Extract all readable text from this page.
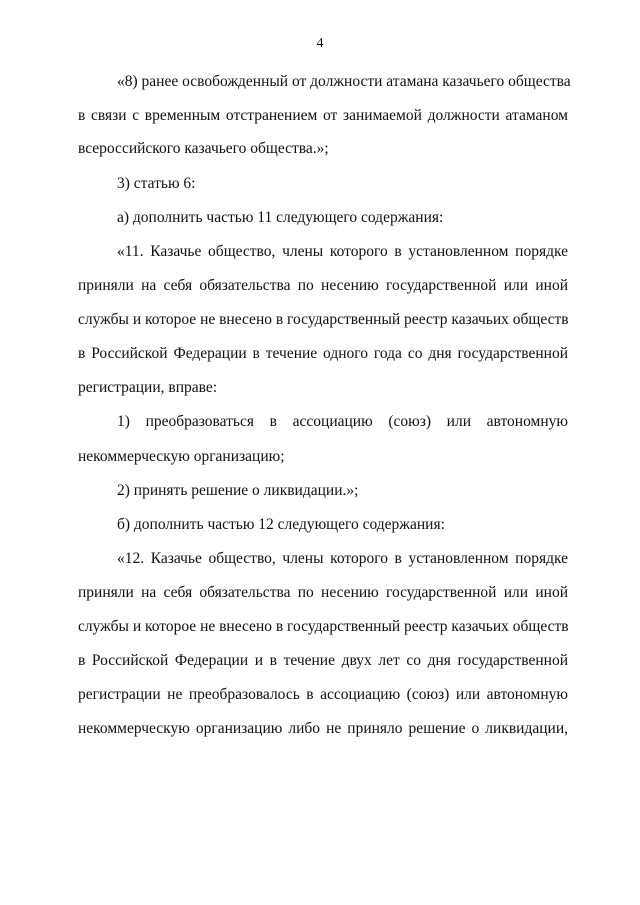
4
«8) ранее освобожденный от должности атамана казачьего общества
в связи с временным отстранением от занимаемой должности атаманом
всероссийского казачьего общества.»;
3) статью 6:
а) дополнить частью 11 следующего содержания:
«11. Казачье общество, члены которого в установленном порядке
приняли на себя обязательства по несению государственной или иной
службы и которое не внесено в государственный реестр казачьих обществ
в Российской Федерации в течение одного года со дня государственной
регистрации, вправе:
1) преобразоваться в ассоциацию (союз) или автономную
некоммерческую организацию;
2) принять решение о ликвидации.»;
б) дополнить частью 12 следующего содержания:
«12. Казачье общество, члены которого в установленном порядке
приняли на себя обязательства по несению государственной или иной
службы и которое не внесено в государственный реестр казачьих обществ
в Российской Федерации и в течение двух лет со дня государственной
регистрации не преобразовалось в ассоциацию (союз) или автономную
некоммерческую организацию либо не приняло решение о ликвидации,
